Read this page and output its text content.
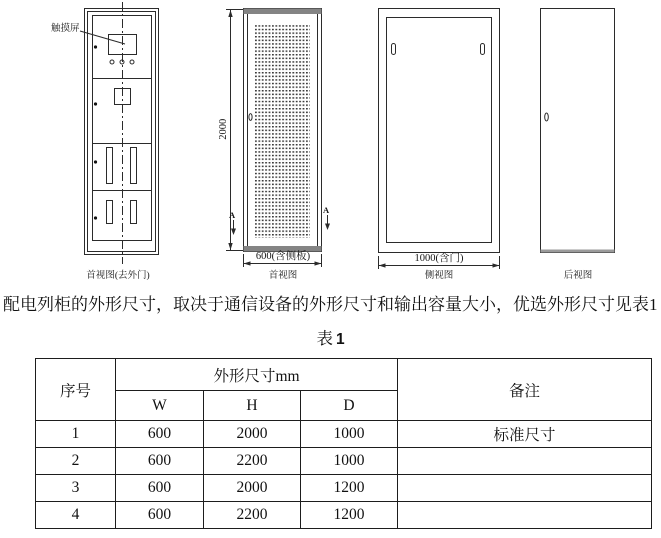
触摸屏
2000
A	A
600(含侧板)	1000(含门)
首视图(去外门)	首视图	侧视图	后视图

配电列柜的外形尺寸，取决于通信设备的外形尺寸和输出容量大小，优选外形尺寸见表1

表 1
序号	外形尺寸mm			备注
	W	H	D	
1	600	2000	1000	标准尺寸
2	600	2200	1000	
3	600	2000	1200	
4	600	2200	1200	
